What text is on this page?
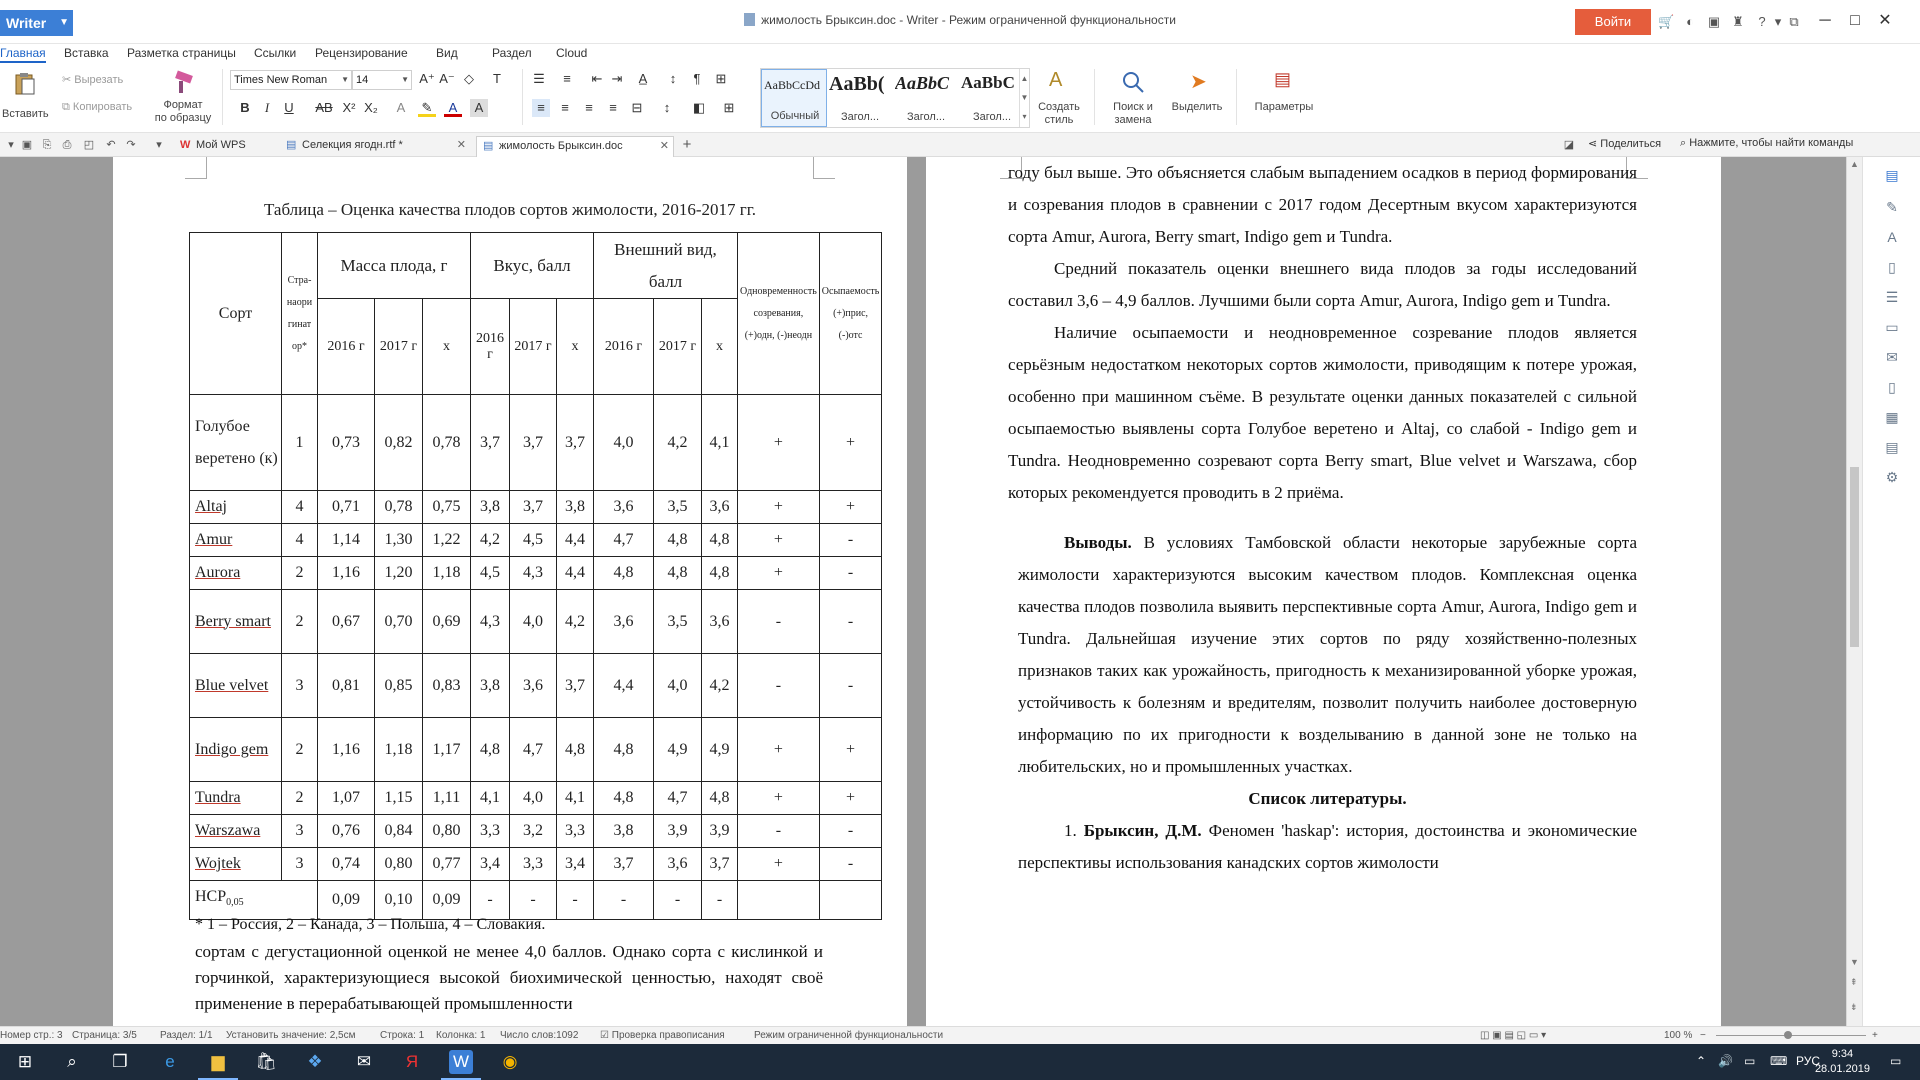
Writer ▼	жимолость Брыксин.doc - Writer - Режим ограниченной функциональности	Войти	🛒 ◐	▣ ♜	? ▾ ⧉	─	□	✕
Главная Вставка Разметка страницы Ссылки Рецензирование Вид	Раздел Cloud
Вставить
✂ Вырезать
⧉ Копировать	Формат
по образцу
Times New Roman ▼ 14	▼ A⁺ A⁻ ◇	T
B	I	U	AB X² X₂	A	✎	A	A
☰	≡	⇤ ⇥	A̲	↕	¶	⊞
≡	≡	≡	≡	⊟	↕	◧ ⊞
AaBbCcDd
Обычный
AaBb(
Загол...
AaBbC
Загол...
AaBbC
Загол...
▲
▼
▾
A
Создать
стиль
Поиск и
замена
➤
Выделить
▤
Параметры
▾ ▣ ⎘ ⎙ ◰ ↶ ↷	▾	W Мой WPS	▤ Селекция ягодн.rtf *	✕ ▤ жимолость Брыксин.doc	✕ +	◪ ⋖ Поделиться ⌕ Нажмите, чтобы найти команды
Таблица – Оценка качества плодов сортов жимолости, 2016-2017 гг.
Сорт	Стра-наори гинат ор*	Масса плода, г			Вкус, балл			Внешний вид, балл			Одновременность созревания, (+)одн, (-)неодн	Осыпаемость (+)прис, (-)отс
		2016 г	2017 г	x	2016 г	2017 г	x	2016 г	2017 г	x		
Голубое веретено (к)	1	0,73	0,82	0,78	3,7	3,7	3,7	4,0	4,2	4,1	+	+
Altaj	4	0,71	0,78	0,75	3,8	3,7	3,8	3,6	3,5	3,6	+	+
Amur	4	1,14	1,30	1,22	4,2	4,5	4,4	4,7	4,8	4,8	+	-
Aurora	2	1,16	1,20	1,18	4,5	4,3	4,4	4,8	4,8	4,8	+	-
Berry smart	2	0,67	0,70	0,69	4,3	4,0	4,2	3,6	3,5	3,6	-	-
Blue velvet	3	0,81	0,85	0,83	3,8	3,6	3,7	4,4	4,0	4,2	-	-
Indigo gem	2	1,16	1,18	1,17	4,8	4,7	4,8	4,8	4,9	4,9	+	+
Tundra	2	1,07	1,15	1,11	4,1	4,0	4,1	4,8	4,7	4,8	+	+
Warszawa	3	0,76	0,84	0,80	3,3	3,2	3,3	3,8	3,9	3,9	-	-
Wojtek	3	0,74	0,80	0,77	3,4	3,3	3,4	3,7	3,6	3,7	+	-
$НСР_{0,05}$		0,09	0,10	0,09	-	-	-	-	-	-		
* 1 – Россия, 2 – Канада, 3 – Польша, 4 – Словакия.
сортам с дегустационной оценкой не менее 4,0 баллов. Однако сорта с кислинкой и горчинкой, характеризующиеся высокой биохимической ценностью, находят своё применение в перерабатывающей промышленности

году был выше. Это объясняется слабым выпадением осадков в период формирования и созревания плодов в сравнении с 2017 годом Десертным вкусом характеризуются сорта Amur, Aurora, Berry smart, Indigo gem и Tundra.

Средний показатель оценки внешнего вида плодов за годы исследований составил 3,6 – 4,9 баллов. Лучшими были сорта Amur, Aurora, Indigo gem и Tundra.

Наличие осыпаемости и неодновременное созревание плодов является серьёзным недостатком некоторых сортов жимолости, приводящим к потере урожая, особенно при машинном съёме. В результате оценки данных показателей с сильной осыпаемостью выявлены сорта Голубое веретено и Altaj, со слабой - Indigo gem и Tundra. Неодновременно созревают сорта Berry smart, Blue velvet и Warszawa, сбор которых рекомендуется проводить в 2 приёма.

Выводы. В условиях Тамбовской области некоторые зарубежные сорта жимолости характеризуются высоким качеством плодов. Комплексная оценка качества плодов позволила выявить перспективные сорта Amur, Aurora, Indigo gem и Tundra. Дальнейшая изучение этих сортов по ряду хозяйственно-полезных признаков таких как урожайность, пригодность к механизированной уборке урожая, устойчивость к болезням и вредителям, позволит получить наиболее достоверную информацию по их пригодности к возделыванию в данной зоне не только на любительских, но и промышленных участках.

Список литературы.

1. Брыксин, Д.М. Феномен 'haskap': история, достоинства и экономические перспективы использования канадских сортов жимолости

▲
▼
⇞
⇟
▤
✎
A
▯
☰
▭
✉
▯
▦
▤
⚙
Номер стр.: 3 Страница: 3/5 Раздел: 1/1 Установить значение: 2,5см Строка: 1 Колонка: 1 Число слов:1092 ☑ Проверка правописания	Режим ограниченной функциональности	◫ ▣ ▤ ◱ ▭ ▾	100 % −	+
⊞	⌕	❐	e	▆	🛍 ❖ ✉	Я	W ◉	⌃ 🔊 ▭ ⌨ РУС	9:34
28.01.2019
▭
